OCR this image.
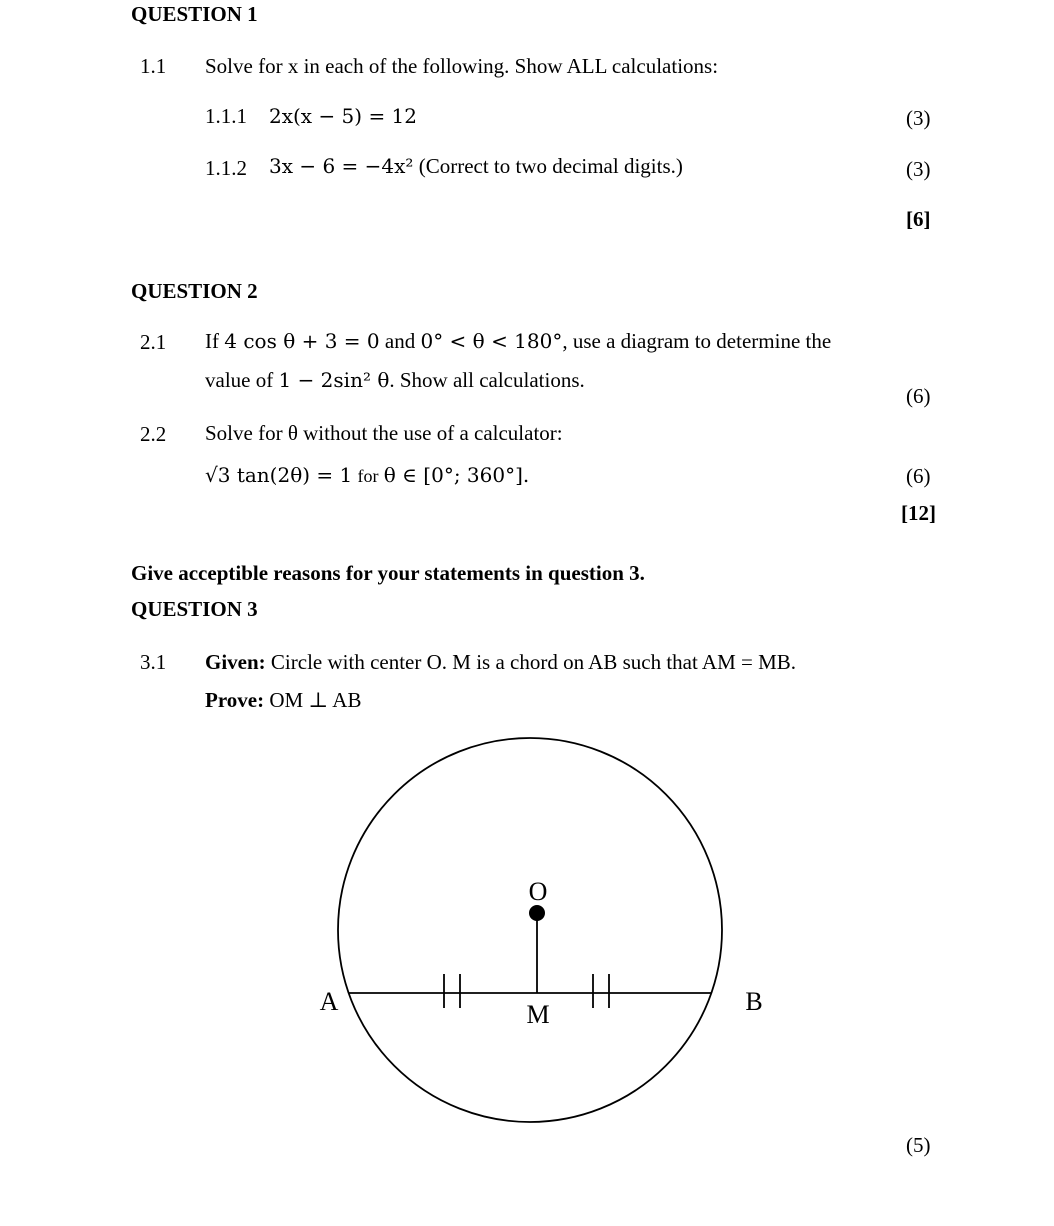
QUESTION 1
1.1 Solve for x in each of the following. Show ALL calculations:
1.1.1 2x(x − 5) = 12	(3)
1.1.2 3x − 6 = −4x² (Correct to two decimal digits.)	(3)
[6]
QUESTION 2
2.1 If 4 cos θ + 3 = 0 and 0° < θ < 180°, use a diagram to determine the
value of 1 − 2sin² θ. Show all calculations.
(6)
2.2 Solve for θ without the use of a calculator:
√3 tan(2θ) = 1 for θ ∈ [0°; 360°].	(6)
[12]
Give acceptible reasons for your statements in question 3.
QUESTION 3
3.1 Given: Circle with center O. M is a chord on AB such that AM = MB.
Prove: OM ⊥ AB
O
A	B
M
(5)
